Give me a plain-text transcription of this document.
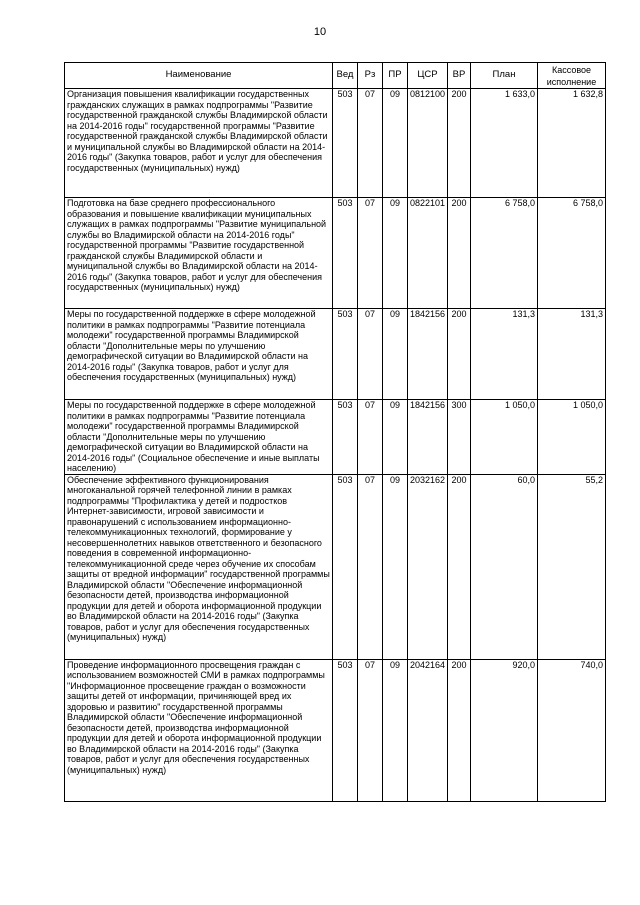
10
Наименование	Вед	Рз	ПР	ЦСР	ВР	План	Кассовое исполнение
Организация повышения квалификации государственных гражданских служащих в рамках подпрограммы "Развитие государственной гражданской службы Владимирской области на 2014-2016 годы" государственной программы "Развитие государственной гражданской службы Владимирской области и муниципальной службы во Владимирской области на 2014-2016 годы" (Закупка товаров, работ и услуг для обеспечения государственных (муниципальных) нужд)	503	07	09	0812100	200	1 633,0	1 632,8
Подготовка на базе среднего профессионального образования и повышение квалификации муниципальных служащих в рамках подпрограммы "Развитие муниципальной службы во Владимирской области на 2014-2016 годы" государственной программы "Развитие государственной гражданской службы Владимирской области и муниципальной службы во Владимирской области на 2014-2016 годы" (Закупка товаров, работ и услуг для обеспечения государственных (муниципальных) нужд)	503	07	09	0822101	200	6 758,0	6 758,0
Меры по государственной поддержке в сфере молодежной политики в рамках подпрограммы "Развитие потенциала молодежи" государственной программы Владимирской области "Дополнительные меры по улучшению демографической ситуации во Владимирской области на 2014-2016 годы" (Закупка товаров, работ и услуг для обеспечения государственных (муниципальных) нужд)	503	07	09	1842156	200	131,3	131,3
Меры по государственной поддержке в сфере молодежной политики в рамках подпрограммы "Развитие потенциала молодежи" государственной программы Владимирской области "Дополнительные меры по улучшению демографической ситуации во Владимирской области на 2014-2016 годы" (Социальное обеспечение и иные выплаты населению)	503	07	09	1842156	300	1 050,0	1 050,0
Обеспечение эффективного функционирования многоканальной горячей телефонной линии в рамках подпрограммы "Профилактика у детей и подростков Интернет-зависимости, игровой зависимости и правонарушений с использованием информационно-телекоммуникационных технологий, формирование у несовершеннолетних навыков ответственного и безопасного поведения в современной информационно-телекоммуникационной среде через обучение их способам защиты от вредной информации" государственной программы Владимирской области "Обеспечение информационной безопасности детей, производства информационной продукции для детей и оборота информационной продукции во Владимирской области на 2014-2016 годы" (Закупка товаров, работ и услуг для обеспечения государственных (муниципальных) нужд)	503	07	09	2032162	200	60,0	55,2
Проведение информационного просвещения граждан с использованием возможностей СМИ в рамках подпрограммы "Информационное просвещение граждан о возможности защиты детей от информации, причиняющей вред их здоровью и развитию" государственной программы Владимирской области "Обеспечение информационной безопасности детей, производства информационной продукции для детей и оборота информационной продукции во Владимирской области на 2014-2016 годы" (Закупка товаров, работ и услуг для обеспечения государственных (муниципальных) нужд)	503	07	09	2042164	200	920,0	740,0
